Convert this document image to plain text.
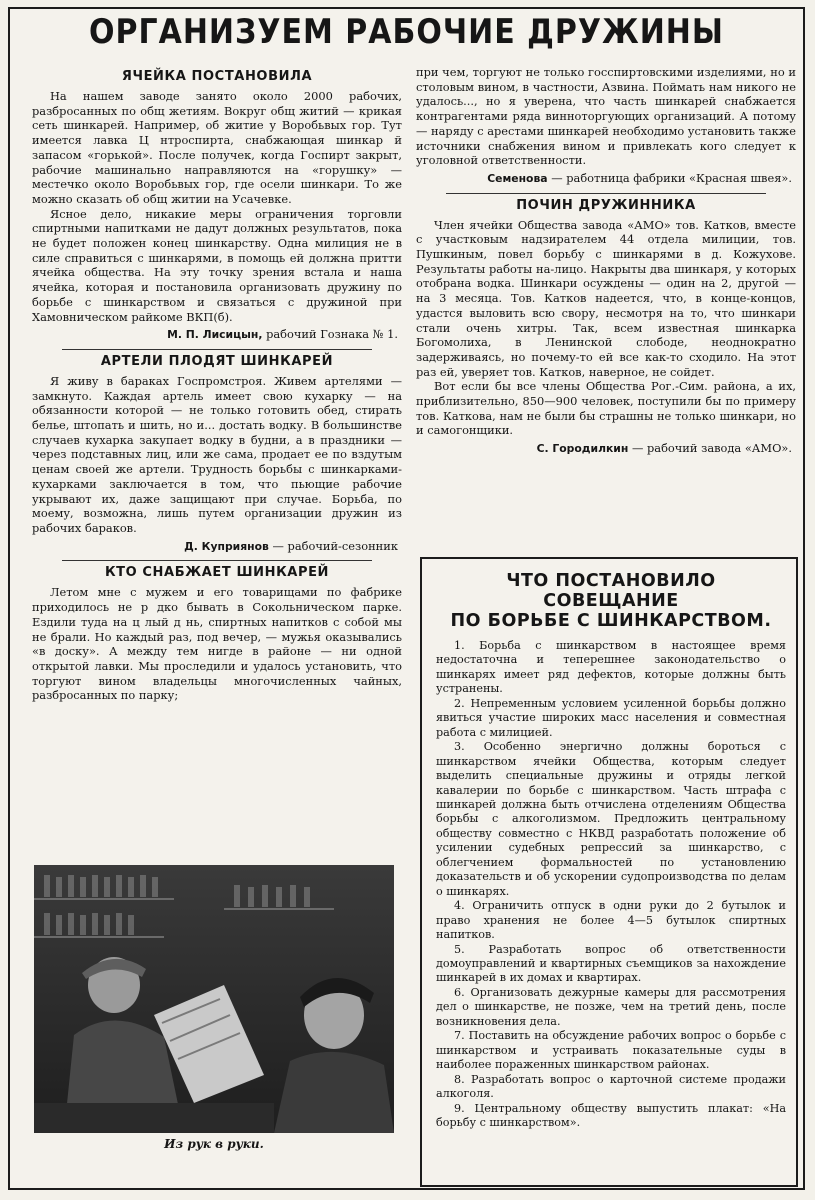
ОРГАНИЗУЕМ РАБОЧИЕ ДРУЖИНЫ
ЯЧЕЙКА ПОСТАНОВИЛА

На нашем заводе занято около 2000 рабочих, разбросанных по общ жетиям. Вокруг общ житий — крикая сеть шинкарей. Например, об житие у Воробьвых гор. Тут имеется лавка Ц нтроспирта, снабжающая шинкар й запасом «горькой». После получек, когда Госпирт закрыт, рабочие машинально направляются на «горушку» — местечко около Воробьвых гор, где осели шинкари. То же можно сказать об общ житии на Усачевке.

Ясное дело, никакие меры ограничения торговли спиртными напитками не дадут должных результатов, пока не будет положен конец шинкарству. Одна милиция не в силе справиться с шинкарями, в помощь ей должна притти ячейка общества. На эту точку зрения встала и наша ячейка, которая и постановила организовать дружину по борьбе с шинкарством и связаться с дружиной при Хамовническом райкоме ВКП(б).

М. П. Лисицын, рабочий Гознака № 1.
АРТЕЛИ ПЛОДЯТ ШИНКАРЕЙ

Я живу в бараках Госпромстроя. Живем артелями — замкнуто. Каждая артель имеет свою кухарку — на обязанности которой — не только готовить обед, стирать белье, штопать и шить, но и... достать водку. В большинстве случаев кухарка закупает водку в будни, а в праздники — через подставных лиц, или же сама, продает ее по вздутым ценам своей же артели. Трудность борьбы с шинкарками-кухарками заключается в том, что пьющие рабочие укрывают их, даже защищают при случае. Борьба, по моему, возможна, лишь путем организации дружин из рабочих бараков.

Д. Куприянов — рабочий-сезонник
КТО СНАБЖАЕТ ШИНКАРЕЙ

Летом мне с мужем и его товарищами по фабрике приходилось не р дко бывать в Сокольническом парке. Ездили туда на ц лый д нь, спиртных напитков с собой мы не брали. Но каждый раз, под вечер, — мужья оказывались «в доску». А между тем нигде в районе — ни одной открытой лавки. Мы проследили и удалось установить, что торгуют вином владельцы многочисленных чайных, разбросанных по парку;

Из рук в руки.

при чем, торгуют не только госспиртовскими изделиями, но и столовым вином, в частности, Азвина. Поймать нам никого не удалось..., но я уверена, что часть шинкарей снабжается контрагентами ряда винноторгующих организаций. А потому — наряду с арестами шинкарей необходимо установить также источники снабжения вином и привлекать кого следует к уголовной ответственности.

Семенова — работница фабрики «Красная швея».
ПОЧИН ДРУЖИННИКА

Член ячейки Общества завода «АМО» тов. Катков, вместе с участковым надзирателем 44 отдела милиции, тов. Пушкиным, повел борьбу с шинкарями в д. Кожухове. Результаты работы на-лицо. Накрыты два шинкаря, у которых отобрана водка. Шинкари осуждены — один на 2, другой — на 3 месяца. Тов. Катков надеется, что, в конце-концов, удастся выловить всю свору, несмотря на то, что шинкари стали очень хитры. Так, всем известная шинкарка Богомолиха, в Ленинской слободе, неоднократно задерживаясь, но почему-то ей все как-то сходило. На этот раз ей, уверяет тов. Катков, наверное, не сойдет.

Вот если бы все члены Общества Рог.-Сим. района, а их, приблизительно, 850—900 человек, поступили бы по примеру тов. Каткова, нам не были бы страшны не только шинкари, но и самогонщики.

С. Городилкин — рабочий завода «АМО».
ЧТО ПОСТАНОВИЛО СОВЕЩАНИЕ
ПО БОРЬБЕ С ШИНКАРСТВОМ.

1. Борьба с шинкарством в настоящее время недостаточна и теперешнее законодательство о шинкарях имеет ряд дефектов, которые должны быть устранены.

2. Непременным условием усиленной борьбы должно явиться участие широких масс населения и совместная работа с милицией.

3. Особенно энергично должны бороться с шинкарством ячейки Общества, которым следует выделить специальные дружины и отряды легкой кавалерии по борьбе с шинкарством. Часть штрафа с шинкарей должна быть отчислена отделениям Общества борьбы с алкоголизмом. Предложить центральному обществу совместно с НКВД разработать положение об усилении судебных репрессий за шинкарство, с облегчением формальностей по установлению доказательств и об ускорении судопроизводства по делам о шинкарях.

4. Ограничить отпуск в одни руки до 2 бутылок и право хранения не более 4—5 бутылок спиртных напитков.

5. Разработать вопрос об ответственности домоуправлений и квартирных съемщиков за нахождение шинкарей в их домах и квартирах.

6. Организовать дежурные камеры для рассмотрения дел о шинкарстве, не позже, чем на третий день, после возникновения дела.

7. Поставить на обсуждение рабочих вопрос о борьбе с шинкарством и устраивать показательные суды в наиболее пораженных шинкарством районах.

8. Разработать вопрос о карточной системе продажи алкоголя.

9. Центральному обществу выпустить плакат: «На борьбу с шинкарством».
